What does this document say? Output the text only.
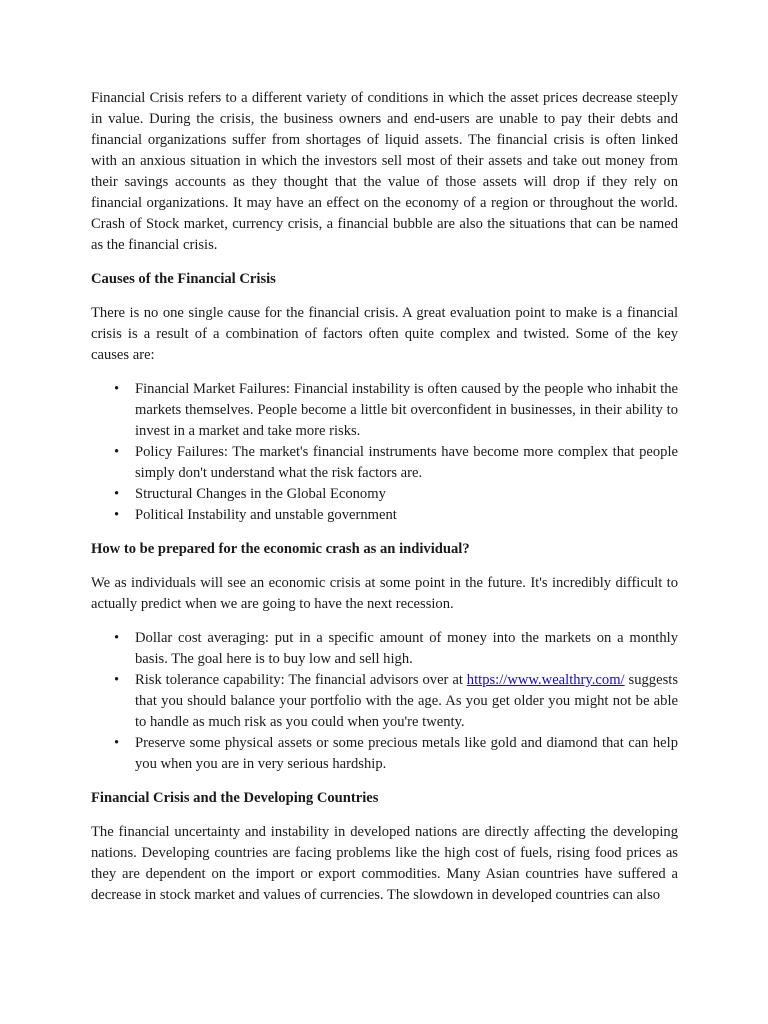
Financial Crisis refers to a different variety of conditions in which the asset prices decrease steeply in value. During the crisis, the business owners and end-users are unable to pay their debts and financial organizations suffer from shortages of liquid assets. The financial crisis is often linked with an anxious situation in which the investors sell most of their assets and take out money from their savings accounts as they thought that the value of those assets will drop if they rely on financial organizations. It may have an effect on the economy of a region or throughout the world. Crash of Stock market, currency crisis, a financial bubble are also the situations that can be named as the financial crisis.

Causes of the Financial Crisis

There is no one single cause for the financial crisis. A great evaluation point to make is a financial crisis is a result of a combination of factors often quite complex and twisted. Some of the key causes are:

• Financial Market Failures: Financial instability is often caused by the people who inhabit the markets themselves. People become a little bit overconfident in businesses, in their ability to invest in a market and take more risks.
• Policy Failures: The market's financial instruments have become more complex that people simply don't understand what the risk factors are.
• Structural Changes in the Global Economy
• Political Instability and unstable government
How to be prepared for the economic crash as an individual?

We as individuals will see an economic crisis at some point in the future. It's incredibly difficult to actually predict when we are going to have the next recession.

• Dollar cost averaging: put in a specific amount of money into the markets on a monthly basis. The goal here is to buy low and sell high.
• Risk tolerance capability: The financial advisors over at https://www.wealthry.com/ suggests that you should balance your portfolio with the age. As you get older you might not be able to handle as much risk as you could when you're twenty.
• Preserve some physical assets or some precious metals like gold and diamond that can help you when you are in very serious hardship.
Financial Crisis and the Developing Countries

The financial uncertainty and instability in developed nations are directly affecting the developing nations. Developing countries are facing problems like the high cost of fuels, rising food prices as they are dependent on the import or export commodities. Many Asian countries have suffered a decrease in stock market and values of currencies. The slowdown in developed countries can also
